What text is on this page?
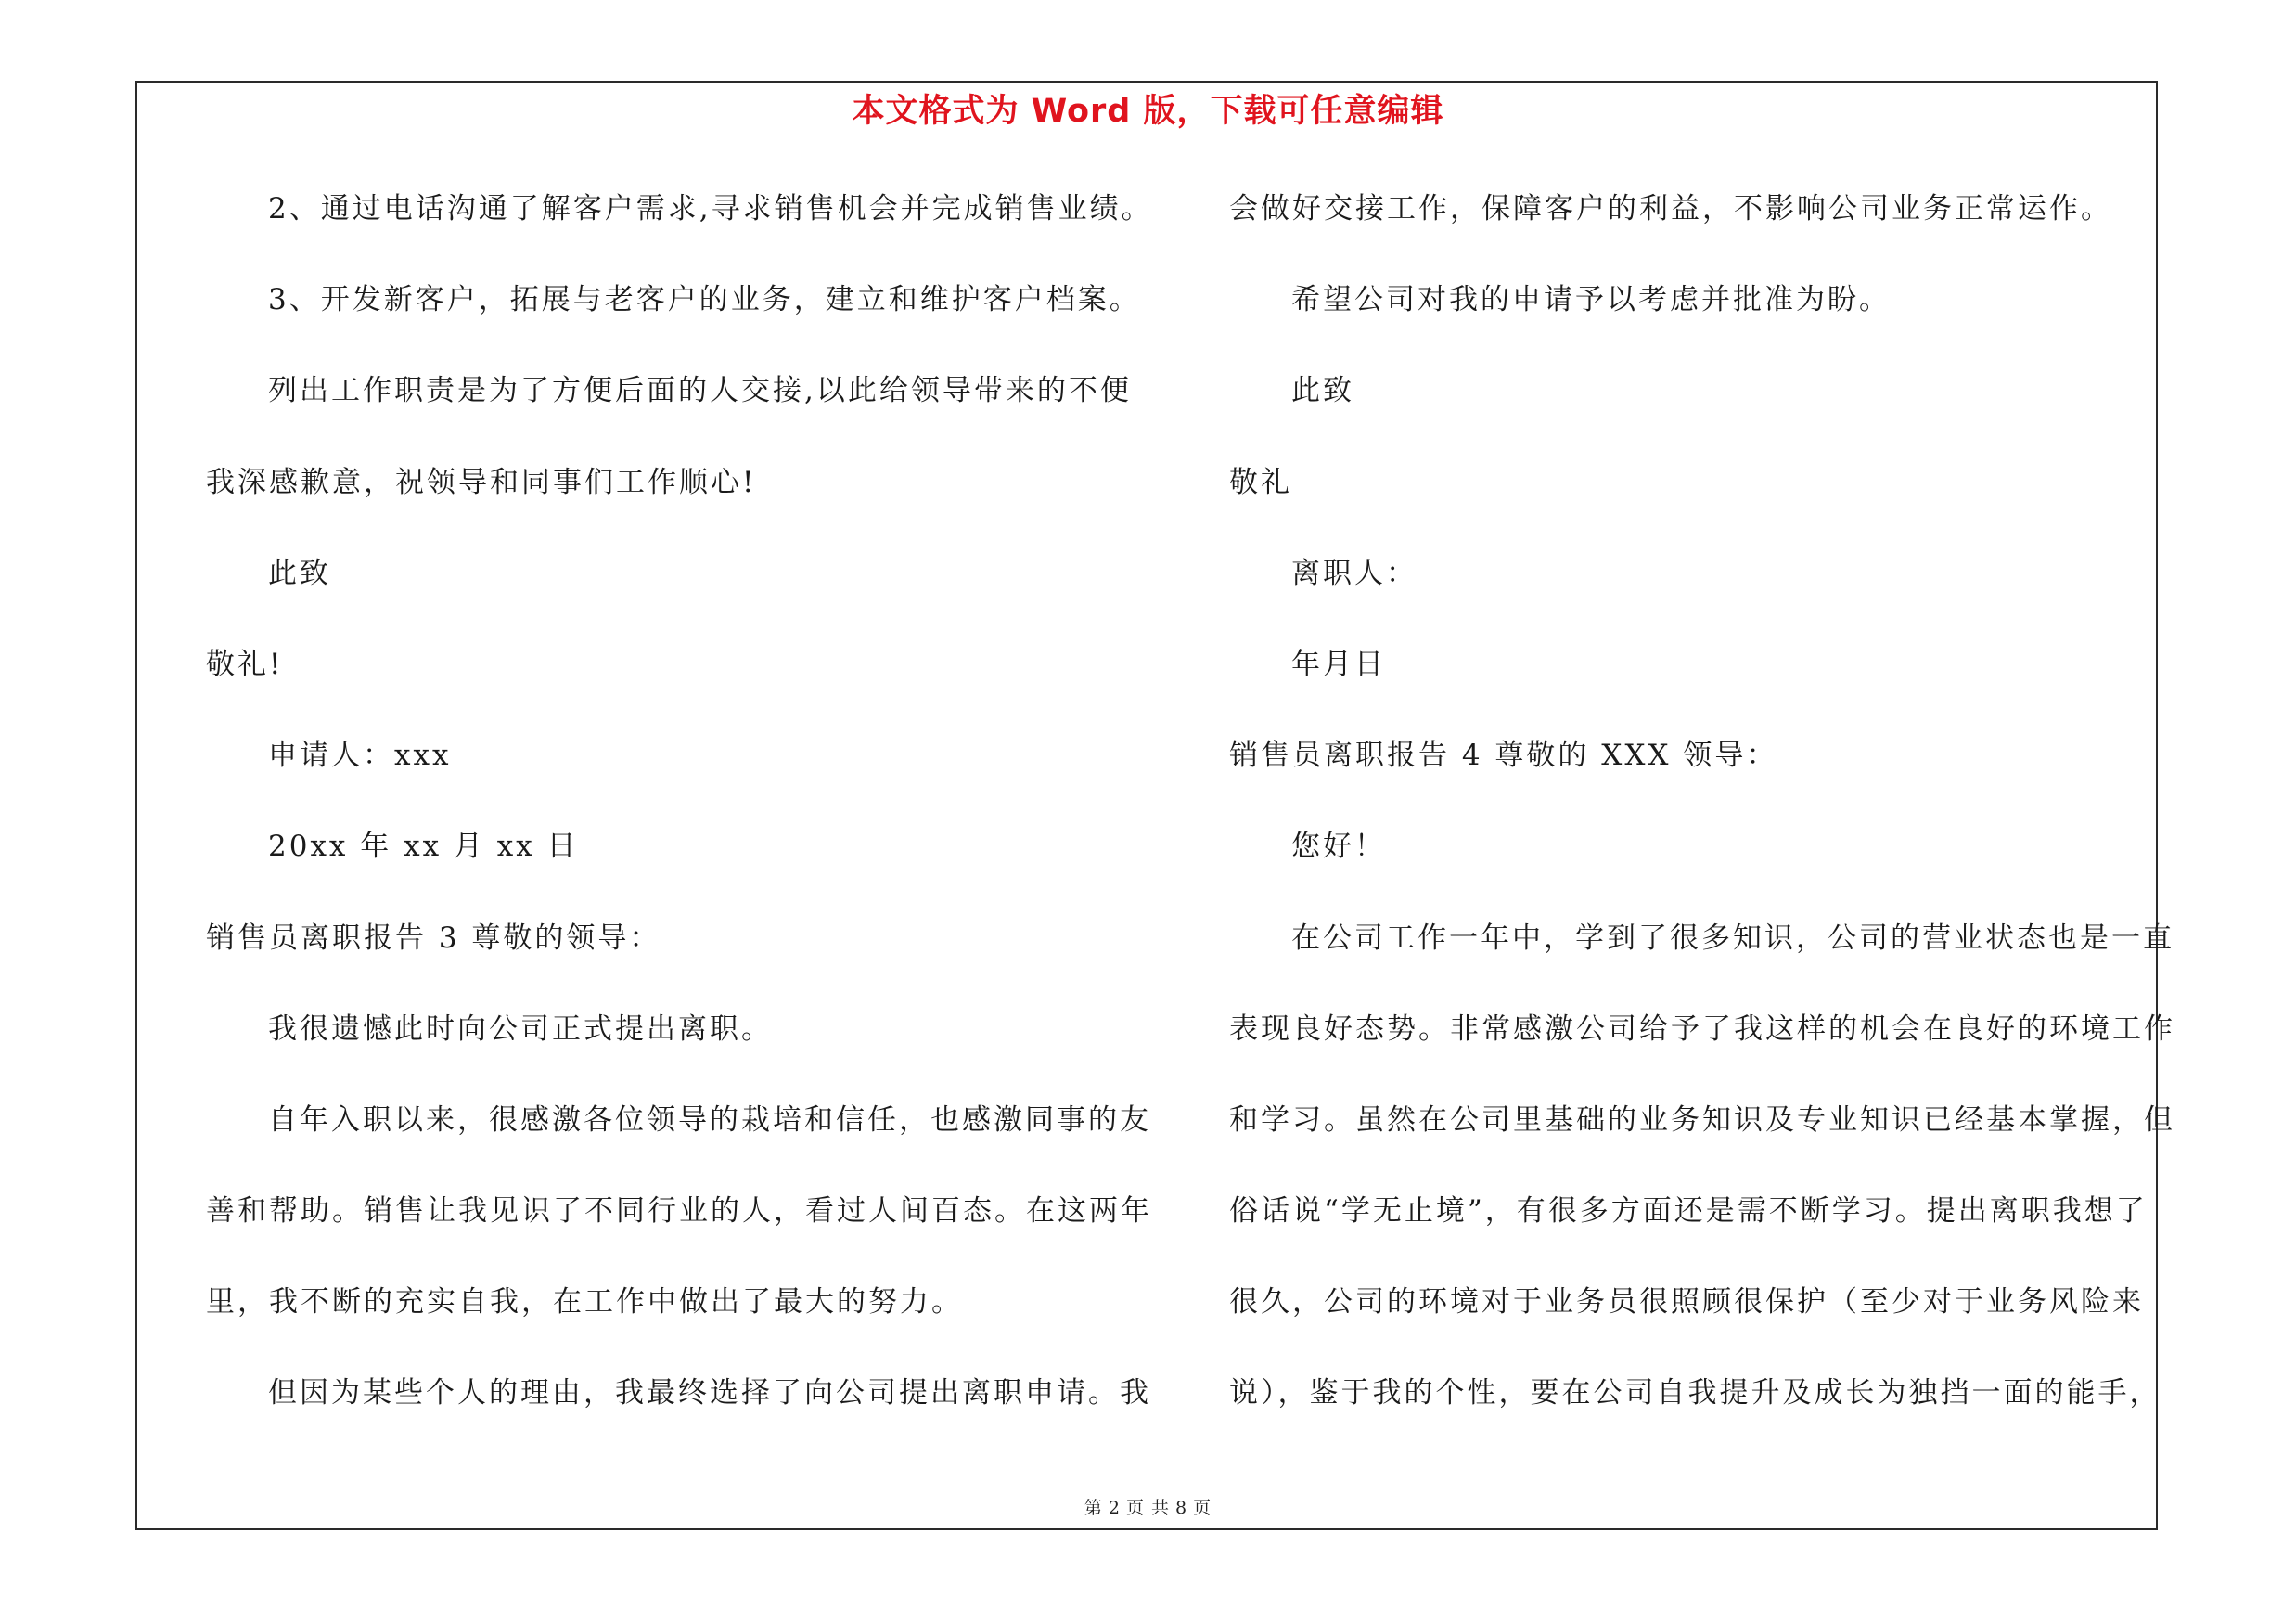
本文格式为 Word 版，下载可任意编辑
2、通过电话沟通了解客户需求,寻求销售机会并完成销售业绩。
3、开发新客户，拓展与老客户的业务，建立和维护客户档案。
列出工作职责是为了方便后面的人交接,以此给领导带来的不便
我深感歉意，祝领导和同事们工作顺心!
此致
敬礼!
申请人：xxx
20xx 年 xx 月 xx 日
销售员离职报告 3 尊敬的领导：
我很遗憾此时向公司正式提出离职。
自年入职以来，很感激各位领导的栽培和信任，也感激同事的友
善和帮助。销售让我见识了不同行业的人，看过人间百态。在这两年
里，我不断的充实自我，在工作中做出了最大的努力。
但因为某些个人的理由，我最终选择了向公司提出离职申请。我
会做好交接工作，保障客户的利益，不影响公司业务正常运作。
希望公司对我的申请予以考虑并批准为盼。
此致
敬礼
离职人：
年月日
销售员离职报告 4 尊敬的 XXX 领导：
您好！
在公司工作一年中，学到了很多知识，公司的营业状态也是一直
表现良好态势。非常感激公司给予了我这样的机会在良好的环境工作
和学习。虽然在公司里基础的业务知识及专业知识已经基本掌握，但
俗话说“学无止境”，有很多方面还是需不断学习。提出离职我想了
很久，公司的环境对于业务员很照顾很保护（至少对于业务风险来
说），鉴于我的个性，要在公司自我提升及成长为独挡一面的能手，
第 2 页 共 8 页
